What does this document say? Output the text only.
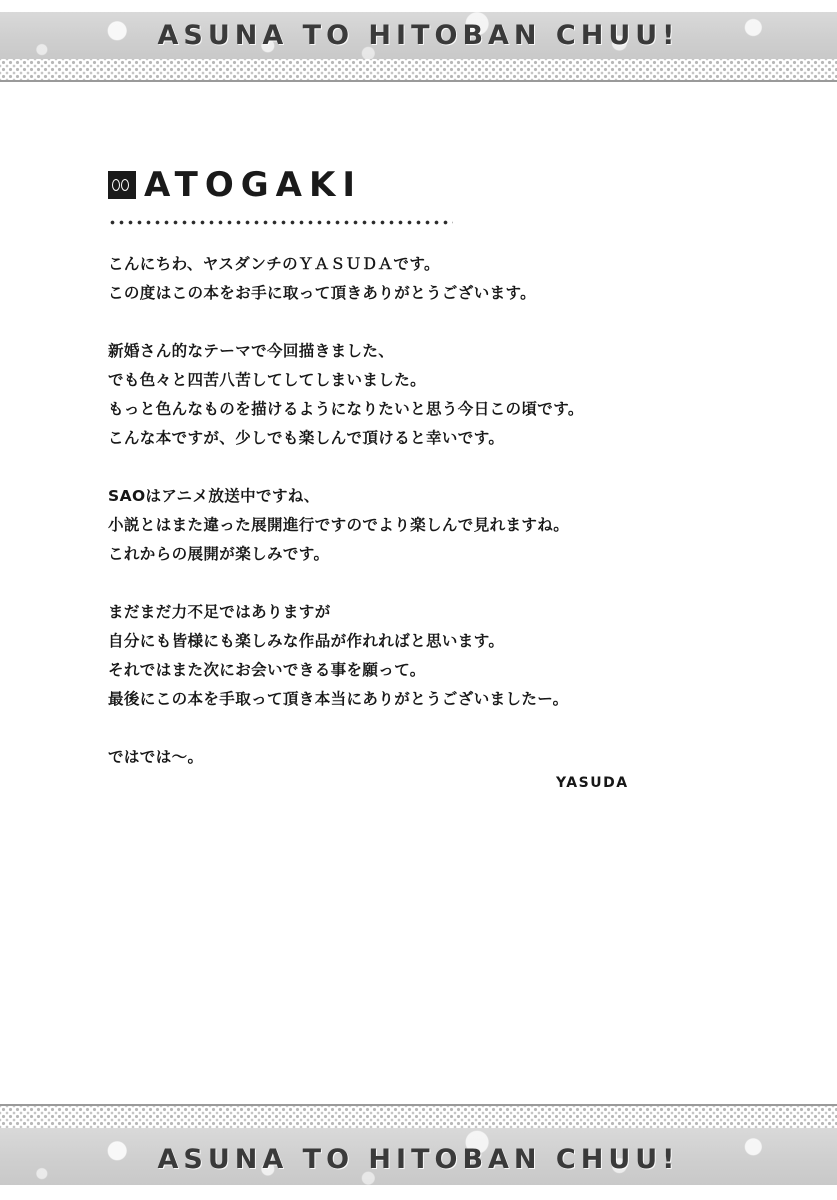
ASUNA TO HITOBAN CHUU!
ATOGAKI

こんにちわ、ヤスダンチのＹＡＳＵＤＡです。
この度はこの本をお手に取って頂きありがとうございます。

新婚さん的なテーマで今回描きました、
でも色々と四苦八苦してしてしまいました。
もっと色んなものを描けるようになりたいと思う今日この頃です。
こんな本ですが、少しでも楽しんで頂けると幸いです。

SAOはアニメ放送中ですね、
小説とはまた違った展開進行ですのでより楽しんで見れますね。
これからの展開が楽しみです。

まだまだ力不足ではありますが
自分にも皆様にも楽しみな作品が作れればと思います。
それではまた次にお会いできる事を願って。
最後にこの本を手取って頂き本当にありがとうございましたー。

ではでは〜。

YASUDA
ASUNA TO HITOBAN CHUU!
